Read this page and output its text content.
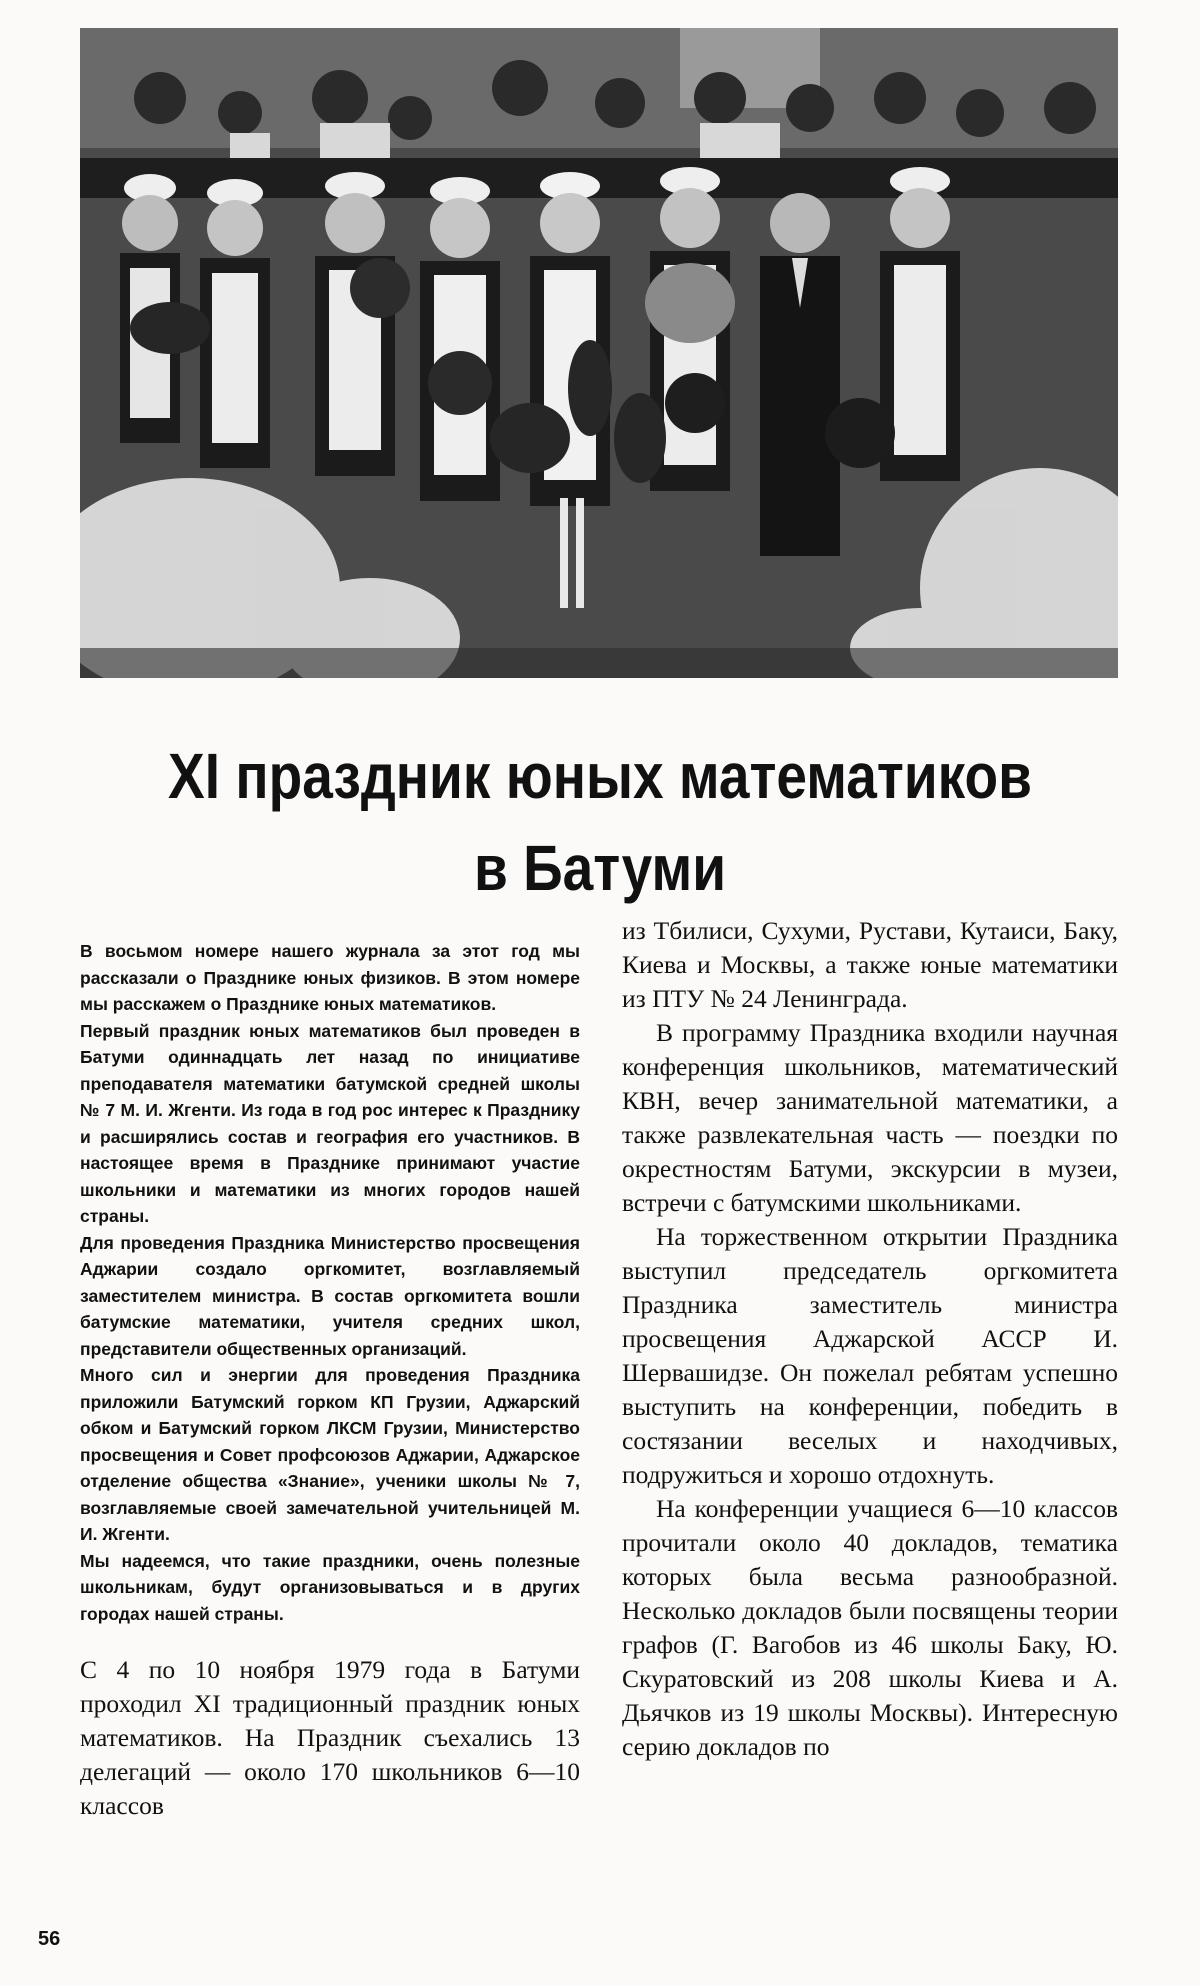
XI праздник юных математиков
в Батуми

В восьмом номере нашего журнала за этот год мы рассказали о Празднике юных физиков. В этом номере мы расскажем о Празднике юных математиков.

Первый праздник юных математиков был проведен в Батуми одиннадцать лет назад по инициативе преподавателя математики батумской средней школы № 7 М. И. Жгенти. Из года в год рос интерес к Празднику и расширялись состав и география его участников. В настоящее время в Празднике принимают участие школьники и математики из многих городов нашей страны.

Для проведения Праздника Министерство просвещения Аджарии создало оргкомитет, возглавляемый заместителем министра. В состав оргкомитета вошли батумские математики, учителя средних школ, представители общественных организаций.

Много сил и энергии для проведения Праздника приложили Батумский горком КП Грузии, Аджарский обком и Батумский горком ЛКСМ Грузии, Министерство просвещения и Совет профсоюзов Аджарии, Аджарское отделение общества «Знание», ученики школы № 7, возглавляемые своей замечательной учительницей М. И. Жгенти.

Мы надеемся, что такие праздники, очень полезные школьникам, будут организовываться и в других городах нашей страны.

С 4 по 10 ноября 1979 года в Батуми проходил XI традиционный праздник юных математиков. На Праздник съехались 13 делегаций — около 170 школьников 6—10 классов

из Тбилиси, Сухуми, Рустави, Кутаиси, Баку, Киева и Москвы, а также юные математики из ПТУ № 24 Ленинграда.

В программу Праздника входили научная конференция школьников, математический КВН, вечер занимательной математики, а также развлекательная часть — поездки по окрестностям Батуми, экскурсии в музеи, встречи с батумскими школьниками.

На торжественном открытии Праздника выступил председатель оргкомитета Праздника заместитель министра просвещения Аджарской АССР И. Шервашидзе. Он пожелал ребятам успешно выступить на конференции, победить в состязании веселых и находчивых, подружиться и хорошо отдохнуть.

На конференции учащиеся 6—10 классов прочитали около 40 докладов, тематика которых была весьма разнообразной. Несколько докладов были посвящены теории графов (Г. Вагобов из 46 школы Баку, Ю. Скуратовский из 208 школы Киева и А. Дьячков из 19 школы Москвы). Интересную серию докладов по

56
